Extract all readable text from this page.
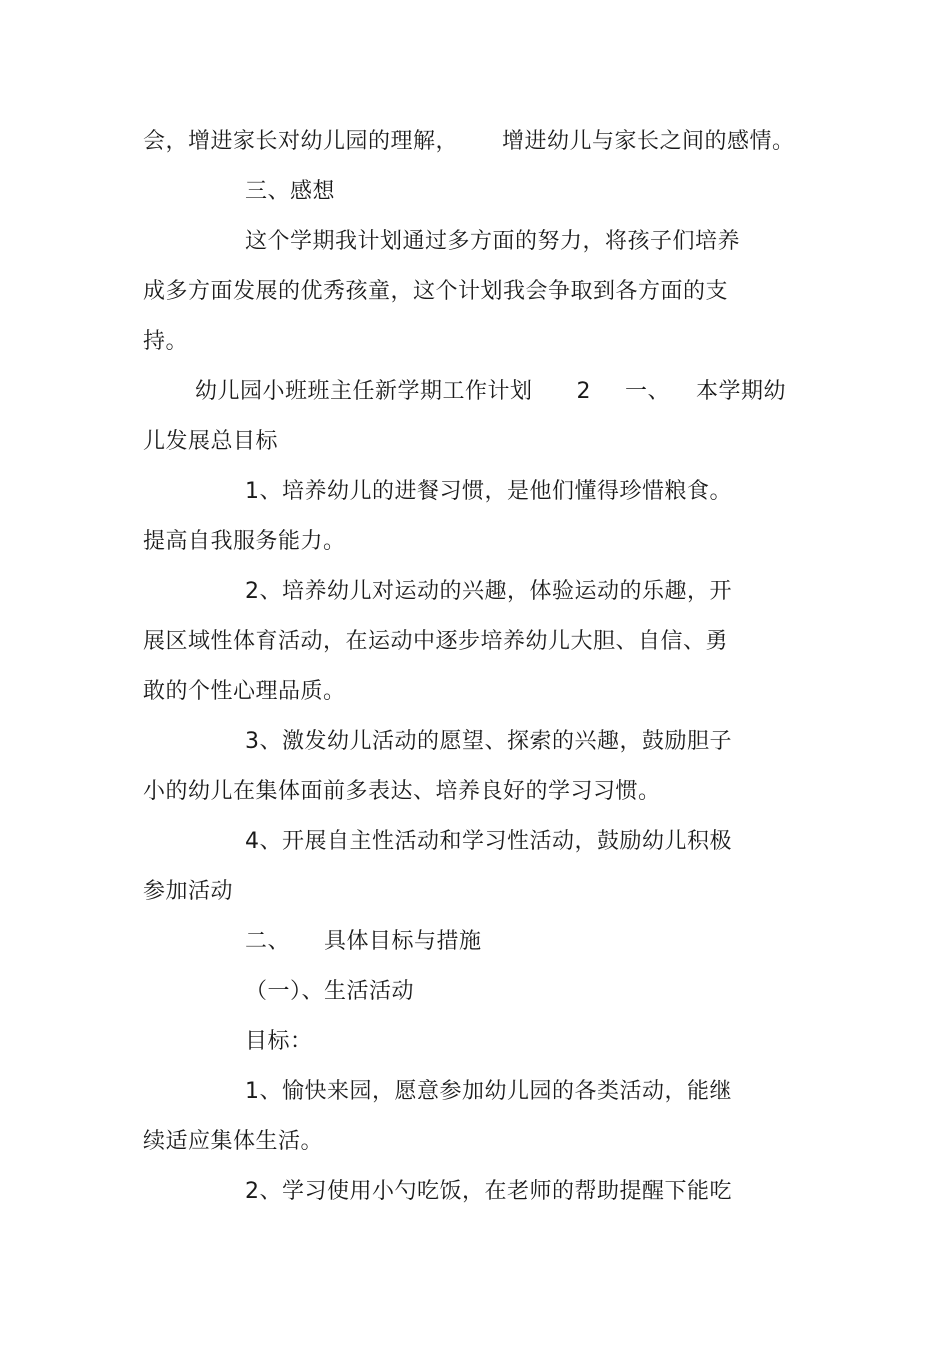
会，增进家长对幼儿园的理解， 增进幼儿与家长之间的感情。
三、感想
这个学期我计划通过多方面的努力，将孩子们培养
成多方面发展的优秀孩童，这个计划我会争取到各方面的支
持。
幼儿园小班班主任新学期工作计划 2 一、 本学期幼
儿发展总目标
1、培养幼儿的进餐习惯，是他们懂得珍惜粮食。
提高自我服务能力。
2、培养幼儿对运动的兴趣，体验运动的乐趣，开
展区域性体育活动，在运动中逐步培养幼儿大胆、自信、勇
敢的个性心理品质。
3、激发幼儿活动的愿望、探索的兴趣，鼓励胆子
小的幼儿在集体面前多表达、培养良好的学习习惯。
4、开展自主性活动和学习性活动，鼓励幼儿积极
参加活动
二、 具体目标与措施
（一）、生活活动
目标：
1、愉快来园，愿意参加幼儿园的各类活动，能继
续适应集体生活。
2、学习使用小勺吃饭，在老师的帮助提醒下能吃
